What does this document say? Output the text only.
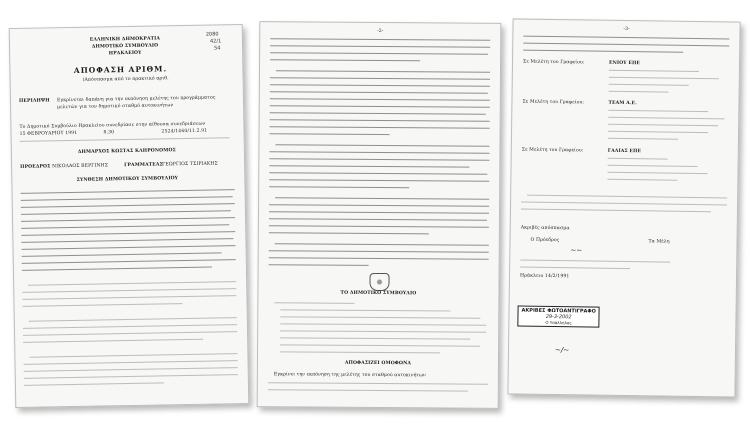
ΕΛΛΗΝΙΚΗ ΔΗΜΟΚΡΑΤΙΑ
ΔΗΜΟΤΙΚΟ ΣΥΜΒΟΥΛΙΟ
ΗΡΑΚΛΕΙΟΥ
2080
42/1
54
ΑΠΟΦΑΣΗ ΑΡΙΘΜ.
(Απόσπασμα από το πρακτικό αριθ.
ΠΕΡΙΛΗΨΗ Εγκρίνεται δαπάνη για την εκπόνηση μελέτης του προγράμματος
μελετών για τον δημοτικό σταθμό αυτοκινήτων
Το Δημοτικό Συμβούλιο Ηρακλείου συνεδρίασε στην αίθουσα συνεδριάσεων
15 ΦΕΒΡΟΥΑΡΙΟΥ 1991	8.30	2524/1460/11.2.91
ΔΗΜΑΡΧΟΣ ΚΩΣΤΑΣ ΚΛΗΡΟΝΟΜΟΣ
ΠΡΟΕΔΡΟΣ ΝΙΚΟΛΑΟΣ ΒΕΡΓΙΝΗΣ	ΓΡΑΜΜΑΤΕΑΣ ΓΕΩΡΓΙΟΣ ΤΣΙΡΙΑΚΗΣ
ΣΥΝΘΕΣΗ ΔΗΜΟΤΙΚΟΥ ΣΥΜΒΟΥΛΙΟΥ
-2-
ΤΟ ΔΗΜΟΤΙΚΟ ΣΥΜΒΟΥΛΙΟ
ΑΠΟΦΑΣΙΖΕΙ ΟΜΟΦΩΝΑ
Εγκρίνει την εκπόνηση της μελέτης του σταθμού αυτοκινήτων
-3-
Σε Μελέτη του Γραφείου:	ΕΝΙΟΥ ΕΠΕ
Σε Μελέτη του Γραφείου:	TEAM Α.Ε.
Σε Μελέτη του Γραφείου:	ΓΑΛΙΑΣ ΕΠΕ
Ακριβές απόσπασμα
Ο Πρόεδρος	Τα Μέλη
~~
Ηράκλειο 14/2/1991
ΑΚΡΙΒΕΣ ΦΩΤΟΑΝΤΙΓΡΑΦΟ
29-3-2002
Ο Υπάλληλος
~/~
